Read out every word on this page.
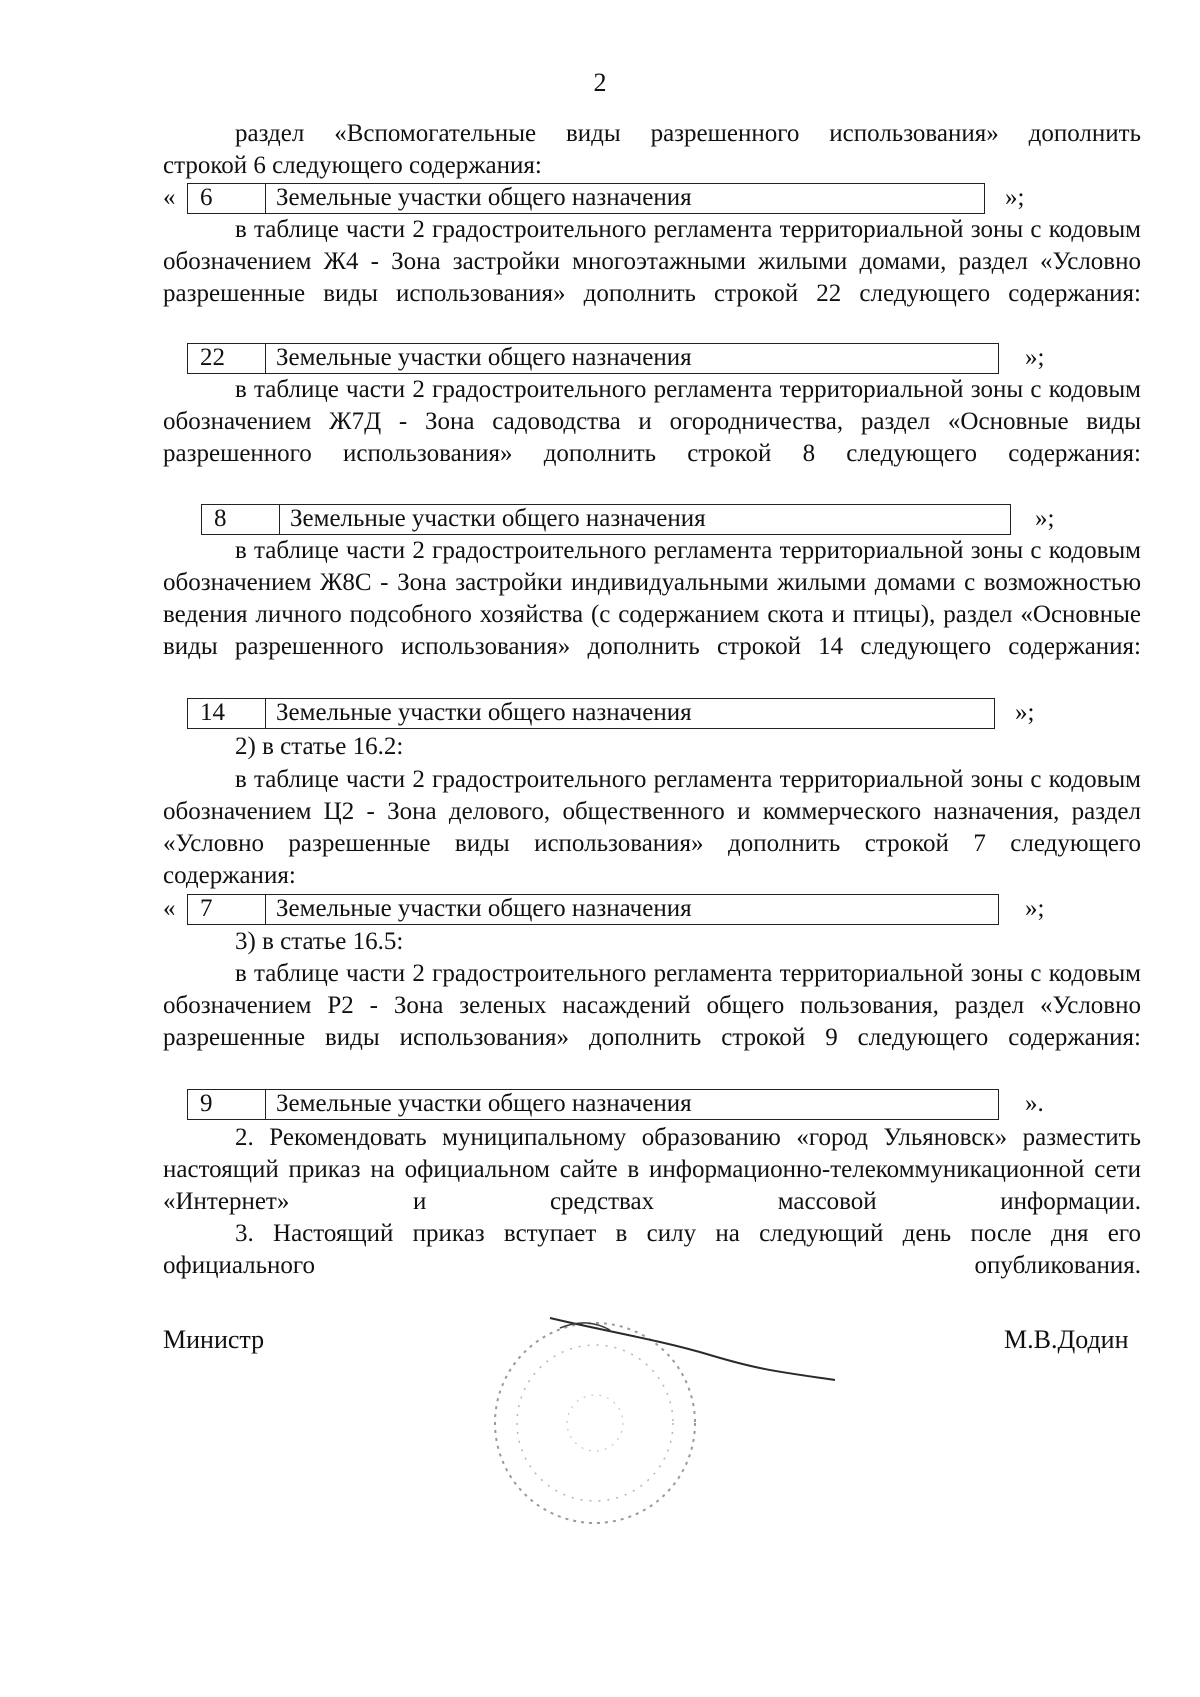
2

раздел «Вспомогательные виды разрешенного использования» дополнить

строкой 6 следующего содержания:

« 6	Земельные участки общего назначения	»;

в таблице части 2 градостроительного регламента территориальной зоны с кодовым обозначением Ж4 - Зона застройки многоэтажными жилыми домами, раздел «Условно разрешенные виды использования» дополнить строкой 22 следующего содержания:

22	Земельные участки общего назначения	»;

в таблице части 2 градостроительного регламента территориальной зоны с кодовым обозначением Ж7Д - Зона садоводства и огородничества, раздел «Основные виды разрешенного использования» дополнить строкой 8 следующего содержания:

8	Земельные участки общего назначения	»;

в таблице части 2 градостроительного регламента территориальной зоны с кодовым обозначением Ж8С - Зона застройки индивидуальными жилыми домами с возможностью ведения личного подсобного хозяйства (с содержанием скота и птицы), раздел «Основные виды разрешенного использования» дополнить строкой 14 следующего содержания:

14	Земельные участки общего назначения	»;

2) в статье 16.2:

в таблице части 2 градостроительного регламента территориальной зоны с кодовым обозначением Ц2 - Зона делового, общественного и коммерческого назначения, раздел «Условно разрешенные виды использования» дополнить строкой 7 следующего содержания:

« 7	Земельные участки общего назначения	»;

3) в статье 16.5:

в таблице части 2 градостроительного регламента территориальной зоны с кодовым обозначением Р2 - Зона зеленых насаждений общего пользования, раздел «Условно разрешенные виды использования» дополнить строкой 9 следующего содержания:

9	Земельные участки общего назначения	».

2. Рекомендовать муниципальному образованию «город Ульяновск» разместить настоящий приказ на официальном сайте в информационно-телекоммуникационной сети «Интернет» и средствах массовой информации.

3. Настоящий приказ вступает в силу на следующий день после дня его официального опубликования.

Министр	М.В.Додин
